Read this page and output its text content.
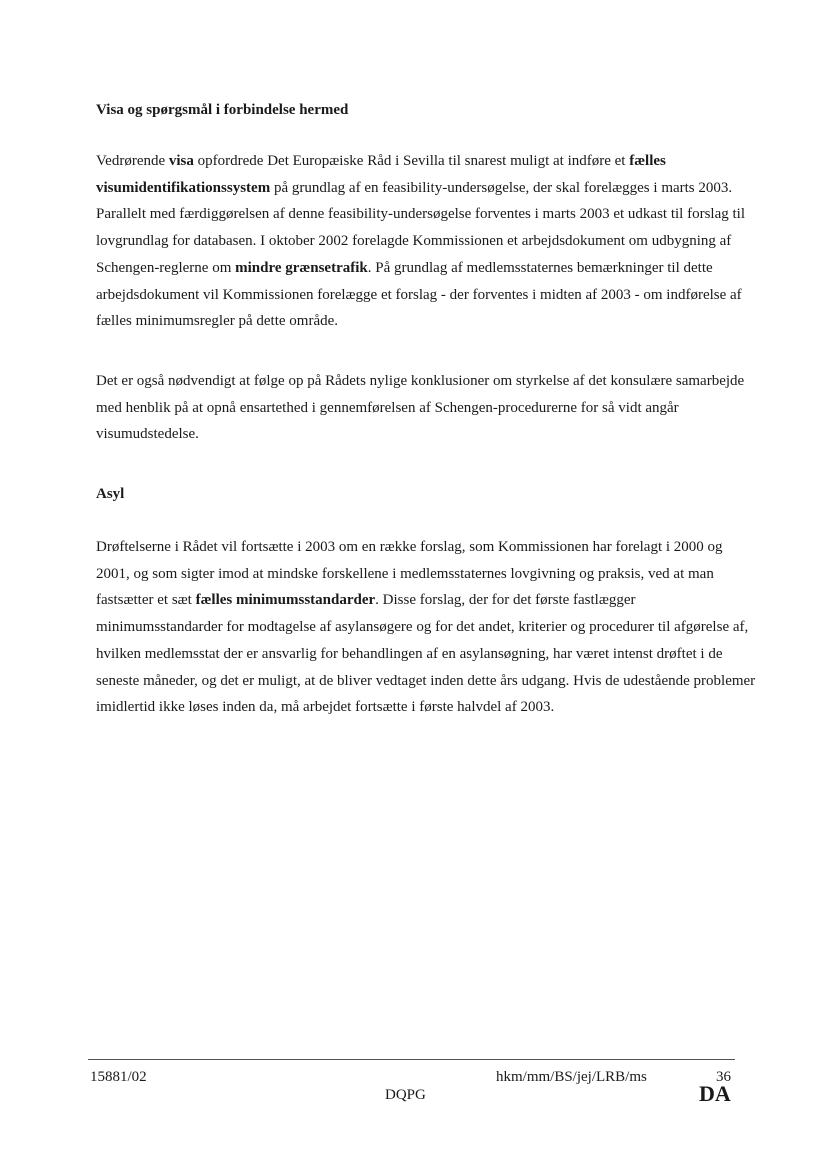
Visa og spørgsmål i forbindelse hermed
Vedrørende visa opfordrede Det Europæiske Råd i Sevilla til snarest muligt at indføre et fælles visumidentifikationssystem på grundlag af en feasibility-undersøgelse, der skal forelægges i marts 2003. Parallelt med færdiggørelsen af denne feasibility-undersøgelse forventes i marts 2003 et udkast til forslag til lovgrundlag for databasen. I oktober 2002 forelagde Kommissionen et arbejdsdokument om udbygning af Schengen-reglerne om mindre grænsetrafik. På grundlag af medlemsstaternes bemærkninger til dette arbejdsdokument vil Kommissionen forelægge et forslag - der forventes i midten af 2003 - om indførelse af fælles minimumsregler på dette område.
Det er også nødvendigt at følge op på Rådets nylige konklusioner om styrkelse af det konsulære samarbejde med henblik på at opnå ensartethed i gennemførelsen af Schengen-procedurerne for så vidt angår visumudstedelse.
Asyl
Drøftelserne i Rådet vil fortsætte i 2003 om en række forslag, som Kommissionen har forelagt i 2000 og 2001, og som sigter imod at mindske forskellene i medlemsstaternes lovgivning og praksis, ved at man fastsætter et sæt fælles minimumsstandarder. Disse forslag, der for det første fastlægger minimumsstandarder for modtagelse af asylansøgere og for det andet, kriterier og procedurer til afgørelse af, hvilken medlemsstat der er ansvarlig for behandlingen af en asylansøgning, har været intenst drøftet i de seneste måneder, og det er muligt, at de bliver vedtaget inden dette års udgang. Hvis de udestående problemer imidlertid ikke løses inden da, må arbejdet fortsætte i første halvdel af 2003.
15881/02	hkm/mm/BS/jej/LRB/ms	36
DQPG	DA
